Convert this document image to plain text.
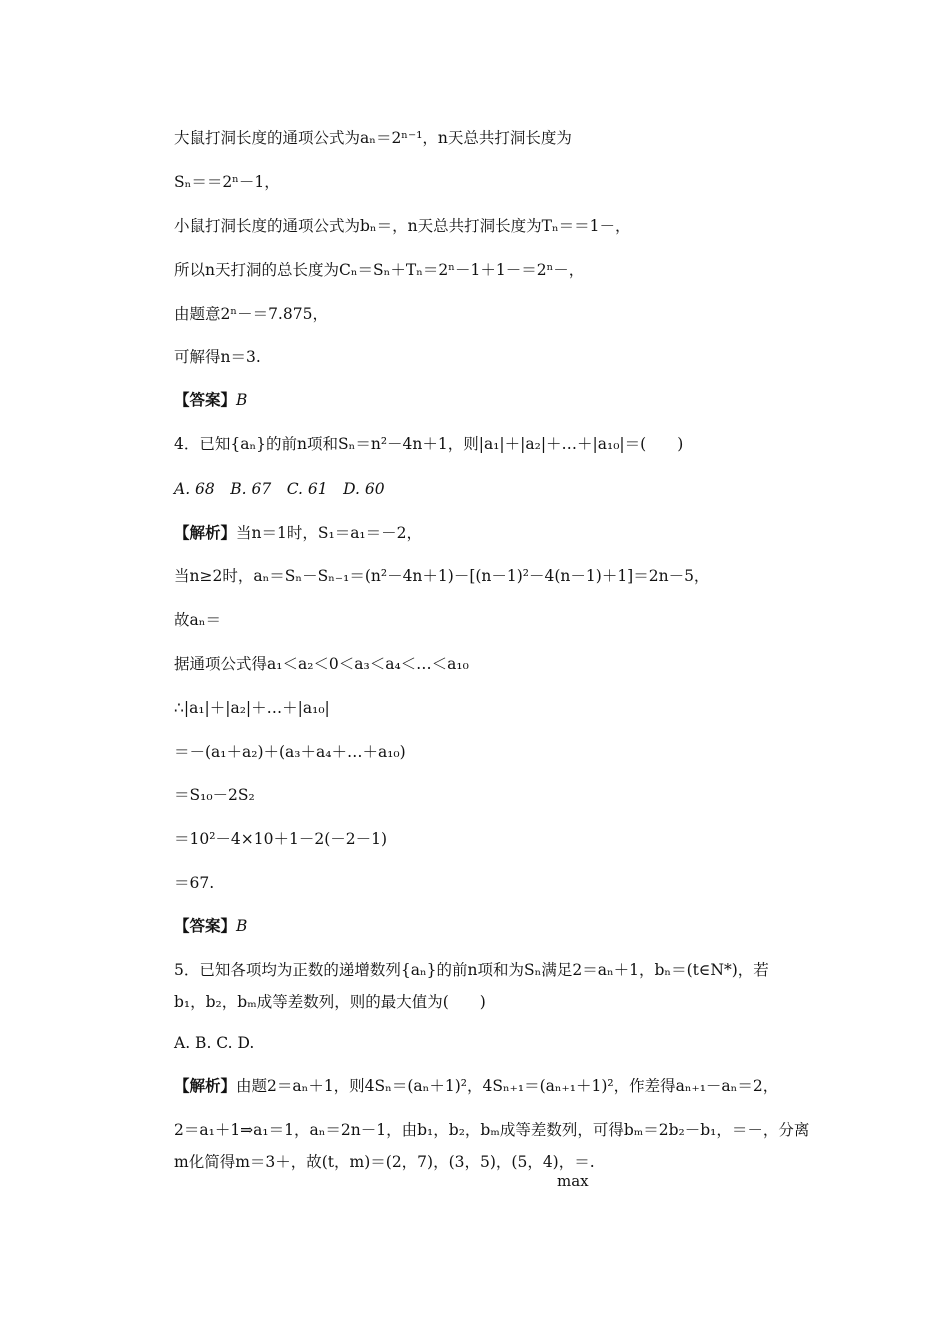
大鼠打洞长度的通项公式为aₙ＝2ⁿ⁻¹，n天总共打洞长度为
Sₙ＝＝2ⁿ－1，
小鼠打洞长度的通项公式为bₙ＝，n天总共打洞长度为Tₙ＝＝1－，
所以n天打洞的总长度为Cₙ＝Sₙ＋Tₙ＝2ⁿ－1＋1－＝2ⁿ－，
由题意2ⁿ－＝7.875，
可解得n＝3.
【答案】B
4．已知{aₙ}的前n项和Sₙ＝n²－4n＋1，则|a₁|＋|a₂|＋…＋|a₁₀|＝(　　)
A. 68　B. 67　C. 61　D. 60
【解析】当n＝1时，S₁＝a₁＝－2，
当n≥2时，aₙ＝Sₙ－Sₙ₋₁＝(n²－4n＋1)－[(n－1)²－4(n－1)＋1]＝2n－5，
故aₙ＝
据通项公式得a₁＜a₂＜0＜a₃＜a₄＜…＜a₁₀
∴|a₁|＋|a₂|＋…＋|a₁₀|
＝－(a₁＋a₂)＋(a₃＋a₄＋…＋a₁₀)
＝S₁₀－2S₂
＝10²－4×10＋1－2(－2－1)
＝67.
【答案】B
5．已知各项均为正数的递增数列{aₙ}的前n项和为Sₙ满足2＝aₙ＋1，bₙ＝(t∈N*)，若
b₁，b₂，bₘ成等差数列，则的最大值为(　　)
A. B. C. D.
【解析】由题2＝aₙ＋1，则4Sₙ＝(aₙ＋1)²，4Sₙ₊₁＝(aₙ₊₁＋1)²，作差得aₙ₊₁－aₙ＝2，
2＝a₁＋1⇒a₁＝1，aₙ＝2n－1，由b₁，b₂，bₘ成等差数列，可得bₘ＝2b₂－b₁，＝－，分离
m化简得m＝3＋，故(t，m)＝(2，7)，(3，5)，(5，4)，＝.
max
